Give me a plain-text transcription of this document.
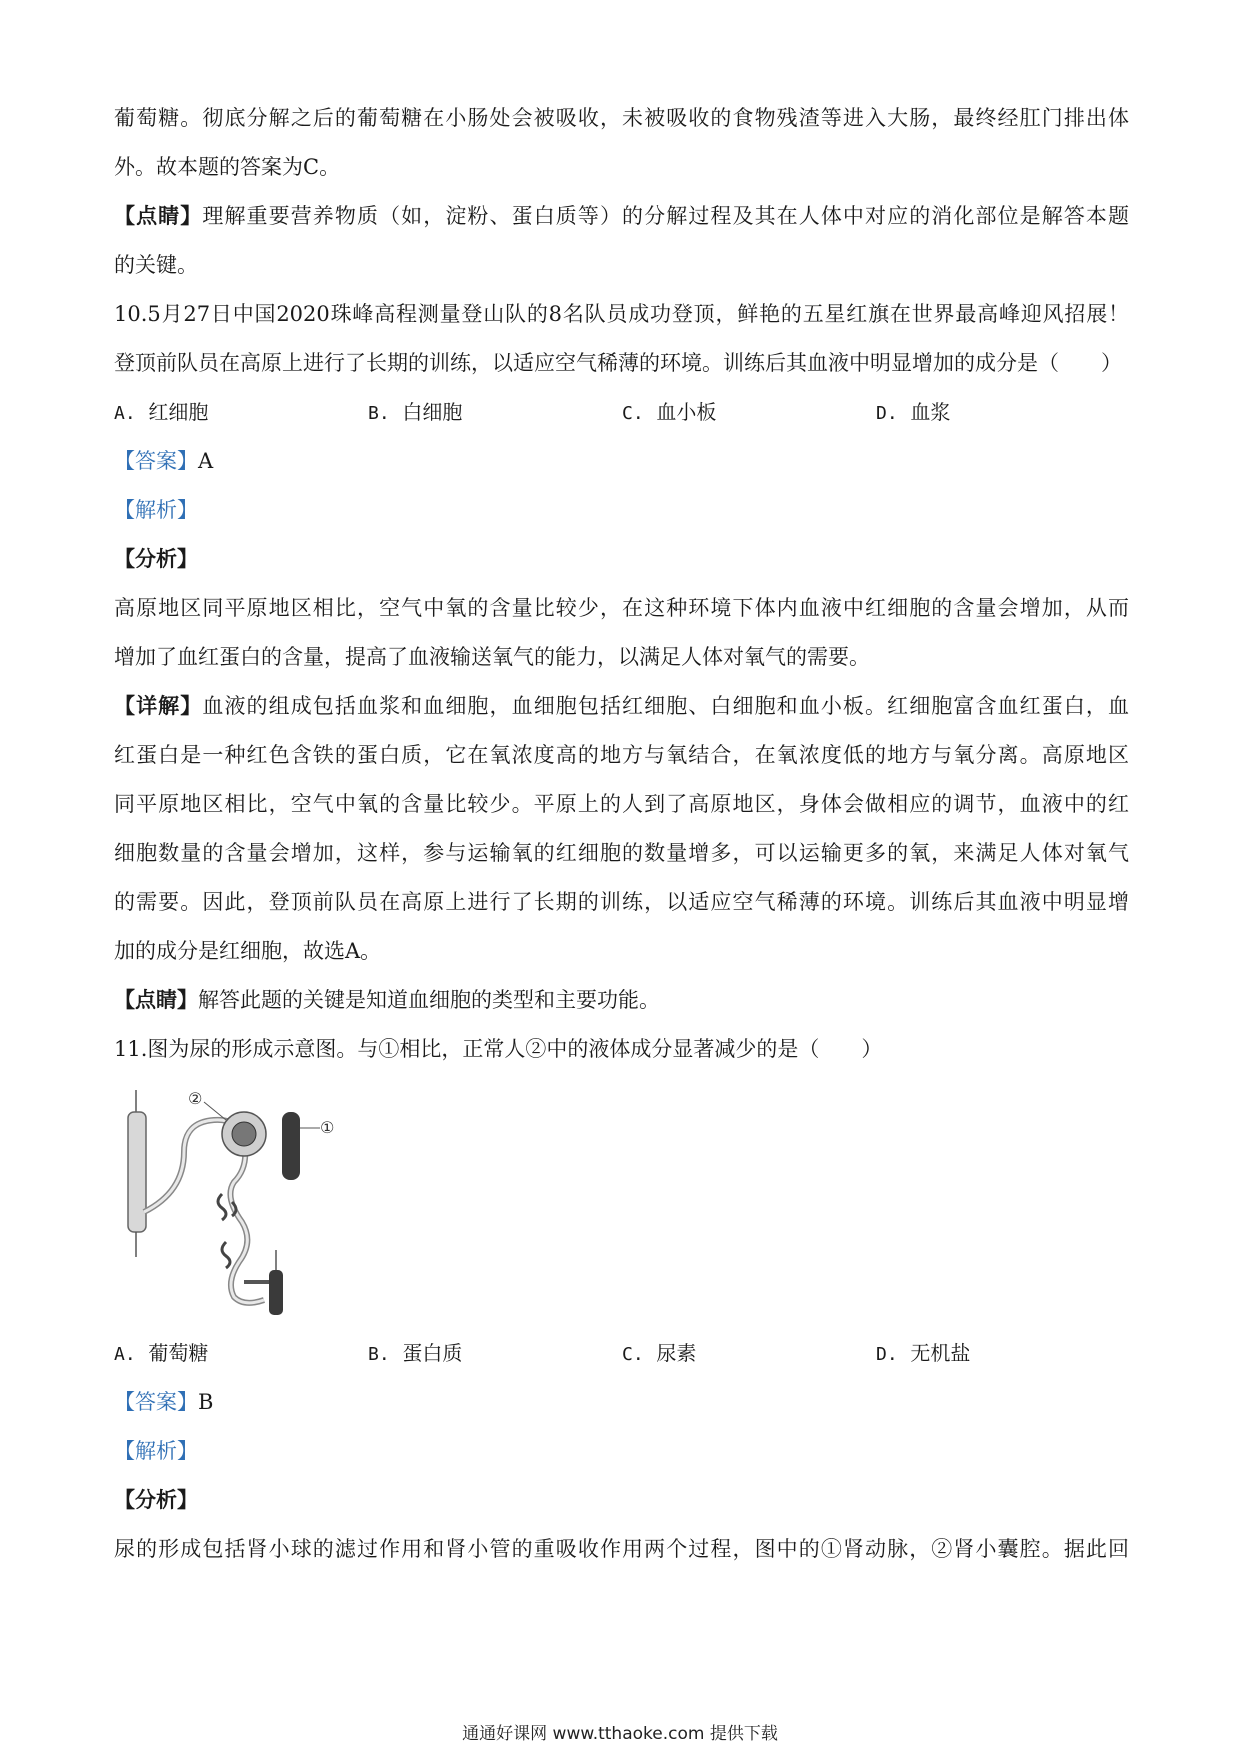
葡萄糖。彻底分解之后的葡萄糖在小肠处会被吸收，未被吸收的食物残渣等进入大肠，最终经肛门排出体
外。故本题的答案为C。
【点睛】理解重要营养物质（如，淀粉、蛋白质等）的分解过程及其在人体中对应的消化部位是解答本题
的关键。
10.5月27日中国2020珠峰高程测量登山队的8名队员成功登顶，鲜艳的五星红旗在世界最高峰迎风招展！
登顶前队员在高原上进行了长期的训练，以适应空气稀薄的环境。训练后其血液中明显增加的成分是（　　）
A. 红细胞	B. 白细胞	C. 血小板	D. 血浆
【答案】A
【解析】
【分析】
高原地区同平原地区相比，空气中氧的含量比较少，在这种环境下体内血液中红细胞的含量会增加，从而
增加了血红蛋白的含量，提高了血液输送氧气的能力，以满足人体对氧气的需要。
【详解】血液的组成包括血浆和血细胞，血细胞包括红细胞、白细胞和血小板。红细胞富含血红蛋白，血
红蛋白是一种红色含铁的蛋白质，它在氧浓度高的地方与氧结合，在氧浓度低的地方与氧分离。高原地区
同平原地区相比，空气中氧的含量比较少。平原上的人到了高原地区，身体会做相应的调节，血液中的红
细胞数量的含量会增加，这样，参与运输氧的红细胞的数量增多，可以运输更多的氧，来满足人体对氧气
的需要。因此，登顶前队员在高原上进行了长期的训练，以适应空气稀薄的环境。训练后其血液中明显增
加的成分是红细胞，故选A。
【点睛】解答此题的关键是知道血细胞的类型和主要功能。
11.图为尿的形成示意图。与①相比，正常人②中的液体成分显著减少的是（　　）
①
②
A. 葡萄糖	B. 蛋白质	C. 尿素	D. 无机盐
【答案】B
【解析】
【分析】
尿的形成包括肾小球的滤过作用和肾小管的重吸收作用两个过程，图中的①肾动脉，②肾小囊腔。据此回
通通好课网 www.tthaoke.com 提供下载
